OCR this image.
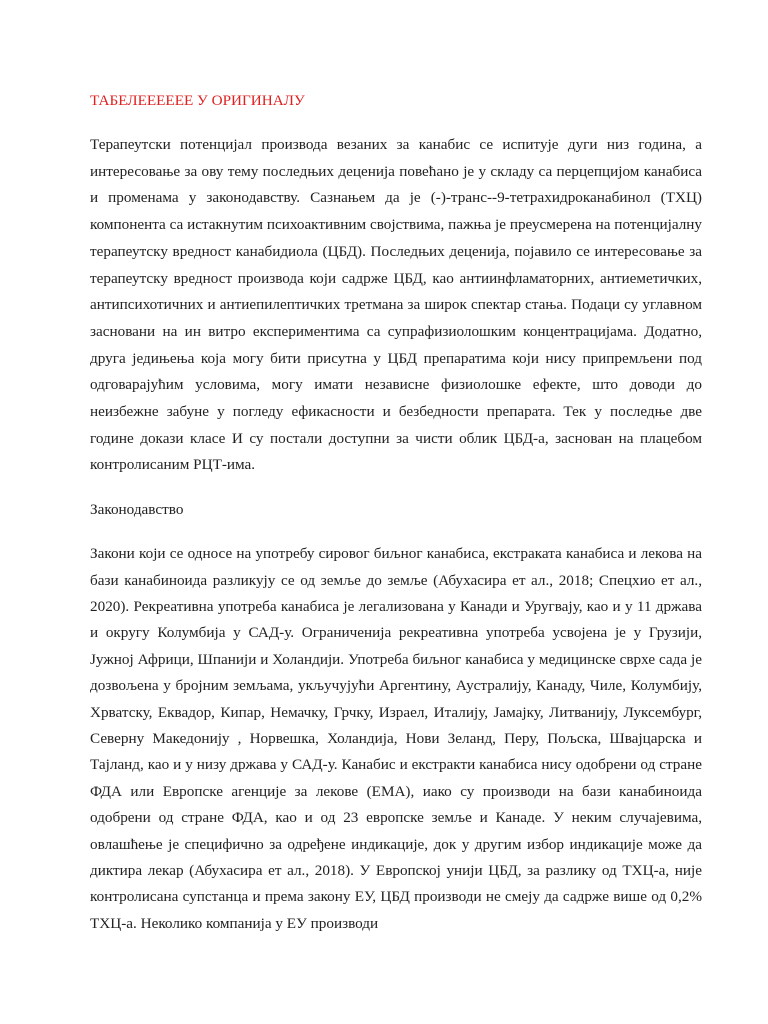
ТАБЕЛЕЕЕЕЕЕ У ОРИГИНАЛУ
Терапеутски потенцијал производа везаних за канабис се испитује дуги низ година, а интересовање за ову тему последњих деценија повећано је у складу са перцепцијом канабиса и променама у законодавству. Сазнањем да је (-)-транс--9-тетрахидроканабинол (ТХЦ) компонента са истакнутим психоактивним својствима, пажња је преусмерена на потенцијалну терапеутску вредност канабидиола (ЦБД). Последњих деценија, појавило се интересовање за терапеутску вредност производа који садрже ЦБД, као антиинфламаторних, антиеметичких, антипсихотичних и антиепилептичких третмана за широк спектар стања. Подаци су углавном засновани на ин витро експериментима са супрафизиолошким концентрацијама. Додатно, друга једињења која могу бити присутна у ЦБД препаратима који нису припремљени под одговарајућим условима, могу имати независне физиолошке ефекте, што доводи до неизбежне забуне у погледу ефикасности и безбедности препарата. Тек у последње две године докази класе И су постали доступни за чисти облик ЦБД-а, заснован на плацебом контролисаним РЦТ-има.
Законодавство
Закони који се односе на употребу сировог биљног канабиса, екстраката канабиса и лекова на бази канабиноида разликују се од земље до земље (Абухасира ет ал., 2018; Спецхио ет ал., 2020). Рекреативна употреба канабиса је легализована у Канади и Уругвају, као и у 11 држава и округу Колумбија у САД-у. Ограниченија рекреативна употреба усвојена је у Грузији, Јужној Африци, Шпанији и Холандији. Употреба биљног канабиса у медицинске сврхе сада је дозвољена у бројним земљама, укључујући Аргентину, Аустралију, Канаду, Чиле, Колумбију, Хрватску, Еквадор, Кипар, Немачку, Грчку, Израел, Италију, Јамајку, Литванију, Луксембург, Северну Македонију , Норвешка, Холандија, Нови Зеланд, Перу, Пољска, Швајцарска и Тајланд, као и у низу држава у САД-у. Канабис и екстракти канабиса нису одобрени од стране ФДА или Европске агенције за лекове (ЕМА), иако су производи на бази канабиноида одобрени од стране ФДА, као и од 23 европске земље и Канаде. У неким случајевима, овлашћење је специфично за одређене индикације, док у другим избор индикације може да диктира лекар (Абухасира ет ал., 2018). У Европској унији ЦБД, за разлику од ТХЦ-а, није контролисана супстанца и према закону ЕУ, ЦБД производи не смеју да садрже више од 0,2% ТХЦ-а. Неколико компанија у ЕУ производи
